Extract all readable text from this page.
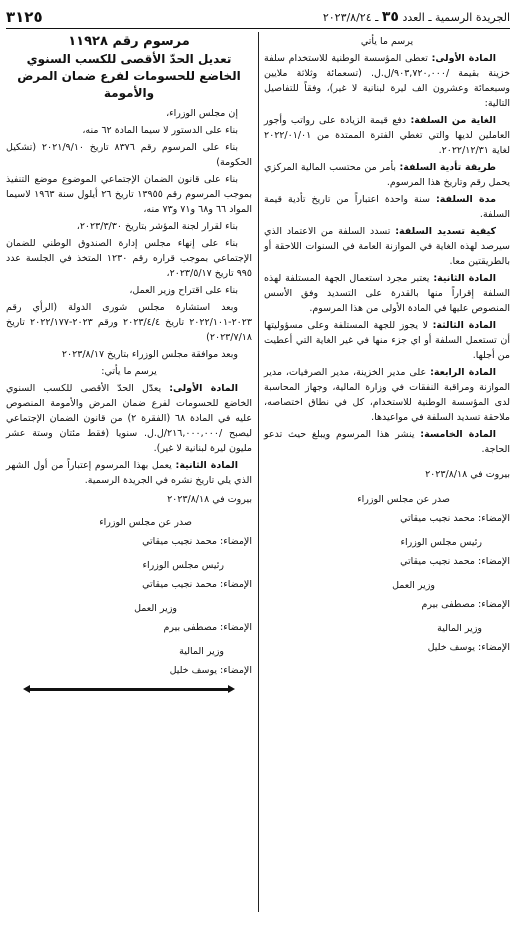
الجريدة الرسمية ـ العدد ٣٥ ـ ٢٠٢٣/٨/٢٤
٣١٢٥

يرسم ما يأتي

المادة الأولى: تعطى المؤسسة الوطنية للاستخدام سلفة خزينة بقيمة /٩٠٣,٧٢٠,٠٠٠/ل.ل. (تسعمائة وثلاثة ملايين وسبعمائة وعشرون الف ليرة لبنانية لا غير)، وفقاً للتفاصيل التالية:

الغاية من السلفة: دفع قيمة الزيادة على رواتب وأجور العاملين لديها والتي تغطي الفترة الممتدة من ٢٠٢٢/٠١/٠١ لغاية ٢٠٢٢/١٢/٣١.

طريقة تأدية السلفة: بأمر من محتسب المالية المركزي يحمل رقم وتاريخ هذا المرسوم.

مدة السلفة: سنة واحدة اعتباراً من تاريخ تأدية قيمة السلفة.

كيفية تسديد السلفة: تسدد السلفة من الاعتماد الذي سيرصد لهذه الغاية في الموازنة العامة في السنوات اللاحقة أو بالطريقتين معا.

المادة الثانية: يعتبر مجرد استعمال الجهة المستلفة لهذه السلفة إقراراً منها بالقدرة على التسديد وفق الأسس المنصوص عليها في المادة الأولى من هذا المرسوم.

المادة الثالثة: لا يجوز للجهة المستلفة وعلى مسؤوليتها أن تستعمل السلفة أو اي جزء منها في غير الغاية التي أعطيت من أجلها.

المادة الرابعة: على مدير الخزينة، مدير الصرفيات، مدير الموازنة ومراقبة النفقات في وزارة المالية، وجهاز المحاسبة لدى المؤسسة الوطنية للاستخدام، كل في نطاق اختصاصه، ملاحقة تسديد السلفة في مواعيدها.

المادة الخامسة: ينشر هذا المرسوم ويبلغ حيث تدعو الحاجة.

بيروت في ٢٠٢٣/٨/١٨

صدر عن مجلس الوزراء

الإمضاء: محمد نجيب ميقاتي

رئيس مجلس الوزراء

الإمضاء: محمد نجيب ميقاتي

وزير العمل

الإمضاء: مصطفى بيرم

وزير المالية

الإمضاء: يوسف خليل

مرسوم رقم ١١٩٢٨
تعديل الحدّ الأقصى للكسب السنوي الخاضع للحسومات لفرع ضمان المرض والأمومة

إن مجلس الوزراء،

بناء على الدستور لا سيما المادة ٦٢ منه،

بناء على المرسوم رقم ٨٣٧٦ تاريخ ٢٠٢١/٩/١٠ (تشكيل الحكومة)

بناء على قانون الضمان الإجتماعي الموضوع موضع التنفيذ بموجب المرسوم رقم ١٣٩٥٥ تاريخ ٢٦ أيلول سنة ١٩٦٣ لاسيما المواد ٦٦ و٦٨ و٧١ و٧٣ منه،

بناء لقرار لجنة المؤشر بتاريخ ٢٠٢٣/٣/٣٠،

بناء على إنهاء مجلس إدارة الصندوق الوطني للضمان الإجتماعي بموجب قراره رقم ١٢٣٠ المتخذ في الجلسة عدد ٩٩٥ تاريخ ٢٠٢٣/٥/١٧،

بناء على اقتراح وزير العمل،

وبعد استشارة مجلس شورى الدولة (الرأي رقم ٢٠٢٣-٢٠٢٢/١٠١ تاريخ ٢٠٢٣/٤/٤ ورقم ٢٠٢٣-٢٠٢٢/١٧٧ تاريخ ٢٠٢٣/٧/١٨)

وبعد موافقة مجلس الوزراء بتاريخ ٢٠٢٣/٨/١٧

يرسم ما يأتي:

المادة الأولى: يعدّل الحدّ الأقصى للكسب السنوي الخاضع للحسومات لفرع ضمان المرض والأمومة المنصوص عليه في المادة ٦٨ (الفقرة ٢) من قانون الضمان الإجتماعي ليصبح /٢١٦,٠٠٠,٠٠٠/ل.ل. سنويا (فقط مئتان وستة عشر مليون ليرة لبنانية لا غير).

المادة الثانية: يعمل بهذا المرسوم إعتباراً من أول الشهر الذي يلي تاريخ نشره في الجريدة الرسمية.

بيروت في ٢٠٢٣/٨/١٨

صدر عن مجلس الوزراء

الإمضاء: محمد نجيب ميقاتي

رئيس مجلس الوزراء

الإمضاء: محمد نجيب ميقاتي

وزير العمل

الإمضاء: مصطفى بيرم

وزير المالية

الإمضاء: يوسف خليل
